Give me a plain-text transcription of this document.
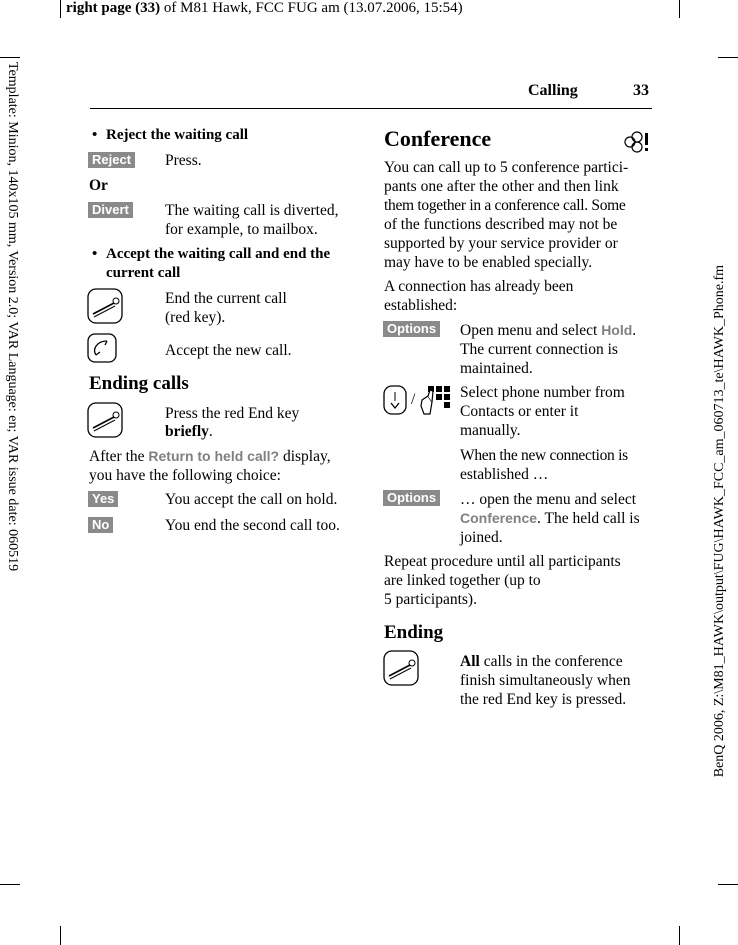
right page (33) of M81 Hawk, FCC FUG am (13.07.2006, 15:54)
Template: Minion, 140x105 mm, Version 2.0; VAR Language: en; VAR issue date: 060519	BenQ 2006, Z:\M81_HAWK\output\FUG\HAWK_FCC_am_060713_te\HAWK_Phone.fm
Calling	33
• Reject the waiting call
Reject Press.
Or
Divert The waiting call is diverted, for example, to mailbox.
• Accept the waiting call and end the current call
End the current call
(red key).
Accept the new call.
Ending calls
Press the red End key
briefly.
After the Return to held call? display,
you have the following choice:
Yes	You accept the call on hold.
No	You end the second call too.
Conference
You can call up to 5 conference partici-
pants one after the other and then link
them together in a conference call. Some
of the functions described may not be
supported by your service provider or
may have to be enabled specially.
A connection has already been
established:
Options Open menu and select Hold.
The current connection is
maintained.
/	Select phone number from
Contacts or enter it
manually.
When the new connection is
established …
Options … open the menu and select
Conference. The held call is
joined.
Repeat procedure until all participants
are linked together (up to
5 participants).
Ending
All calls in the conference
finish simultaneously when
the red End key is pressed.
